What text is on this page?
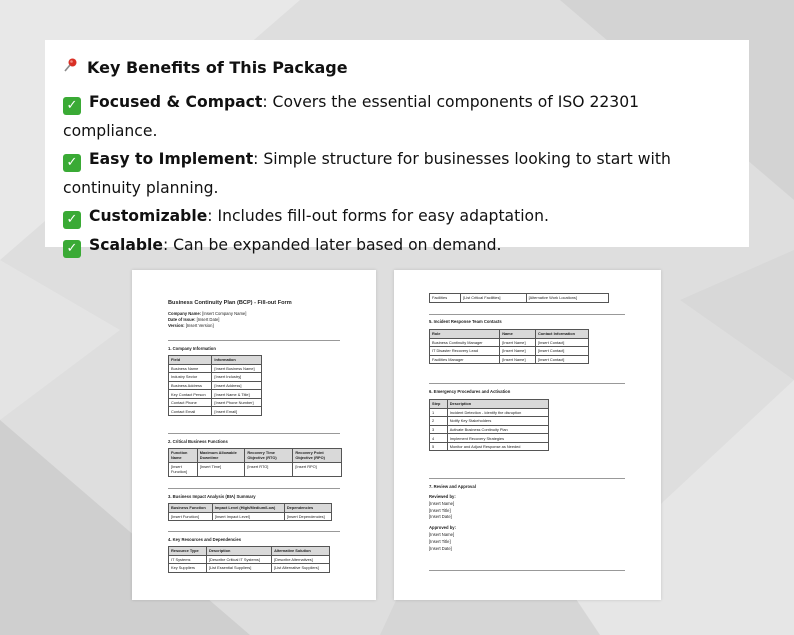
Key Benefits of This Package
✓ Focused & Compact: Covers the essential components of ISO 22301 compliance.
✓ Easy to Implement: Simple structure for businesses looking to start with continuity planning.
✓ Customizable: Includes fill-out forms for easy adaptation.
✓ Scalable: Can be expanded later based on demand.
Business Continuity Plan (BCP) - Fill-out Form
Company Name: [Insert Company Name]
Date of Issue: [Insert Date]
Version: [Insert Version]
1. Company Information
Field	Information
Business Name	[Insert Business Name]
Industry Sector	[Insert Industry]
Business Address	[Insert Address]
Key Contact Person	[Insert Name & Title]
Contact Phone	[Insert Phone Number]
Contact Email	[Insert Email]
2. Critical Business Functions
Function Name	Maximum Allowable Downtime	Recovery Time Objective (RTO)	Recovery Point Objective (RPO)
[Insert Function]	[Insert Time]	[Insert RTO]	[Insert RPO]
3. Business Impact Analysis (BIA) Summary
Business Function	Impact Level (High/Medium/Low)	Dependencies
[Insert Function]	[Insert Impact Level]	[Insert Dependencies]
4. Key Resources and Dependencies
Resource Type	Description	Alternative Solution
IT Systems	[Describe Critical IT Systems]	[Describe Alternatives]
Key Suppliers	[List Essential Suppliers]	[List Alternative Suppliers]
Facilities	[List Critical Facilities]	[Alternative Work Locations]
5. Incident Response Team Contacts
Role	Name	Contact Information
Business Continuity Manager	[Insert Name]	[Insert Contact]
IT Disaster Recovery Lead	[Insert Name]	[Insert Contact]
Facilities Manager	[Insert Name]	[Insert Contact]
6. Emergency Procedures and Activation
Step	Description
1	Incident Detection - Identify the disruption
2	Notify Key Stakeholders
3	Activate Business Continuity Plan
4	Implement Recovery Strategies
5	Monitor and Adjust Response as Needed
7. Review and Approval
Reviewed by:
[Insert Name]
[Insert Title]
[Insert Date]
Approved by:
[Insert Name]
[Insert Title]
[Insert Date]
